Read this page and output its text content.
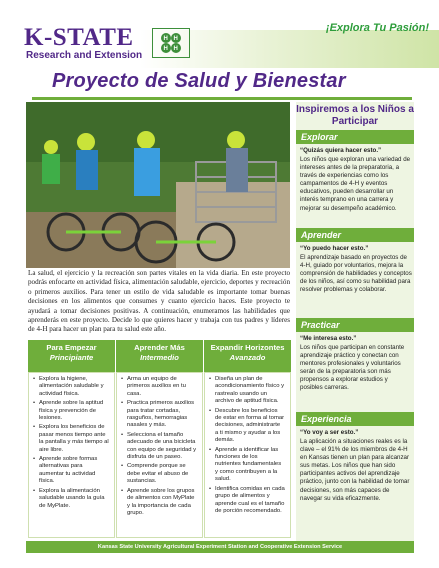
K-STATE
Research and Extension
H H
H H
¡Explora Tu Pasión!
Proyecto de Salud y Bienestar
La salud, el ejercicio y la recreación son partes vitales en la vida diaria. En este proyecto podrás enfocarte en actividad física, alimentación saludable, ejercicio, deportes y recreación o primeros auxilios. Para tener un estilo de vida saludable es importante tomar buenas decisiones en los alimentos que consumes y cuanto ejercicio haces. Este proyecto te ayudará a tomar decisiones positivas. A continuación, enumeramos las habilidades que aprenderás en este proyecto. Decide lo que quieres hacer y trabaja con tus padres y líderes de 4-H para hacer un plan para tu salud este año.
Inspiremos a los Niños a Participar
Explorar
“Quizás quiera hacer esto.”
Los niños que exploran una variedad de intereses antes de la preparatoria, a través de experiencias como los campamentos de 4-H y eventos educativos, pueden desarrollar un interés temprano en una carrera y mejorar su desempeño académico.
Aprender
“Yo puedo hacer esto.”
El aprendizaje basado en proyectos de 4-H, guiado por voluntarios, mejora la comprensión de habilidades y conceptos de los niños, así como su habilidad para resolver problemas y colaborar.
Practicar
“Me interesa esto.”
Los niños que participan en constante aprendizaje práctico y conectan con mentores profesionales y voluntarios serán de la preparatoria son más propensos a explorar estudios y posibles carreras.
Experiencia
“Yo voy a ser esto.”
La aplicación a situaciones reales es la clave – el 91% de los miembros de 4-H en Kansas tienen un plan para alcanzar sus metas. Los niños que han sido participantes activos del aprendizaje práctico, junto con la habilidad de tomar decisiones, son más capaces de navegar su vida eficazmente.
Para Empezar
Principiante
• Explora la higiene, alimentación saludable y actividad física.
• Aprende sobre la aptitud física y prevención de lesiones.
• Explora los beneficios de pasar menos tiempo ante la pantalla y más tiempo al aire libre.
• Aprende sobre formas alternativas para aumentar tu actividad física.
• Explora la alimentación saludable usando la guía de MyPlate.
Aprender Más
Intermedio
• Arma un equipo de primeros auxilios en tu casa.
• Practica primeros auxilios para tratar cortadas, rasguños, hemorragias nasales y más.
• Selecciona el tamaño adecuado de una bicicleta con equipo de seguridad y disfruta de un paseo.
• Comprende porque se debe evitar el abuso de sustancias.
• Aprende sobre los grupos de alimentos con MyPlate y la importancia de cada grupo.
Expandir Horizontes
Avanzado
• Diseña un plan de acondicionamiento físico y rastrealo usando un archivo de aptitud física.
• Descubre los beneficios de estar en forma al tomar decisiones, administrarte a ti mismo y ayudar a los demás.
• Aprende a identificar las funciones de los nutrientes fundamentales y como contribuyen a la salud.
• Identifica comidas en cada grupo de alimentos y aprende cual es el tamaño de porción recomendado.
Kansas State University Agricultural Experiment Station and Cooperative Extension Service
